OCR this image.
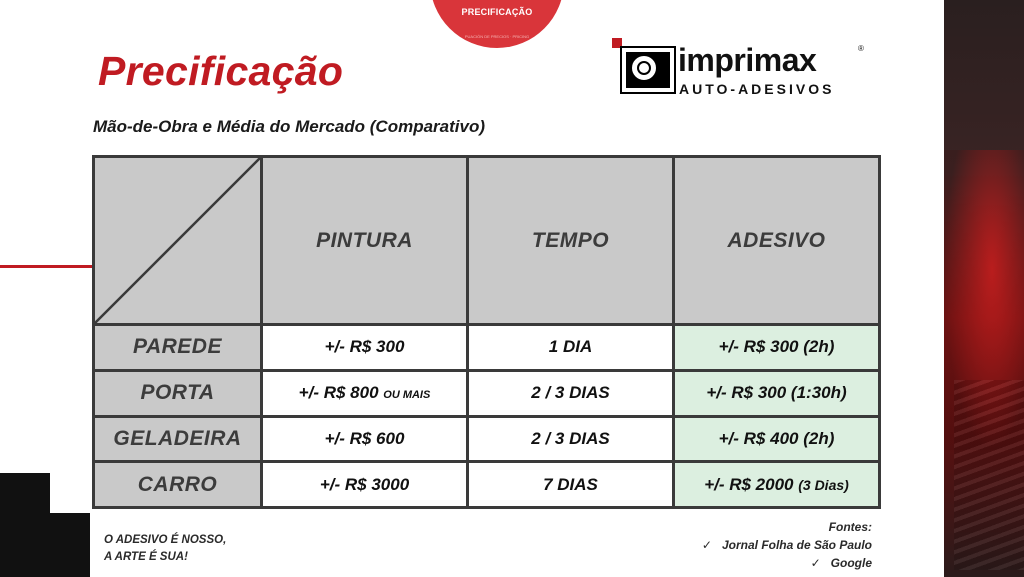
PRECIFICAÇÃO
PUACIÓN DE PRECIOS · PRICING
Precificação
Mão-de-Obra e Média do Mercado (Comparativo)
imprimax	®
AUTO-ADESIVOS
	PINTURA	TEMPO	ADESIVO
PAREDE	+/- R$ 300	1 DIA	+/- R$ 300 (2h)
PORTA	+/- R$ 800 OU MAIS	2 / 3 DIAS	+/- R$ 300 (1:30h)
GELADEIRA	+/- R$ 600	2 / 3 DIAS	+/- R$ 400 (2h)
CARRO	+/- R$ 3000	7 DIAS	+/- R$ 2000 (3 Dias)
O ADESIVO É NOSSO,
A ARTE É SUA!
Fontes:
✓ Jornal Folha de São Paulo
✓ Google
